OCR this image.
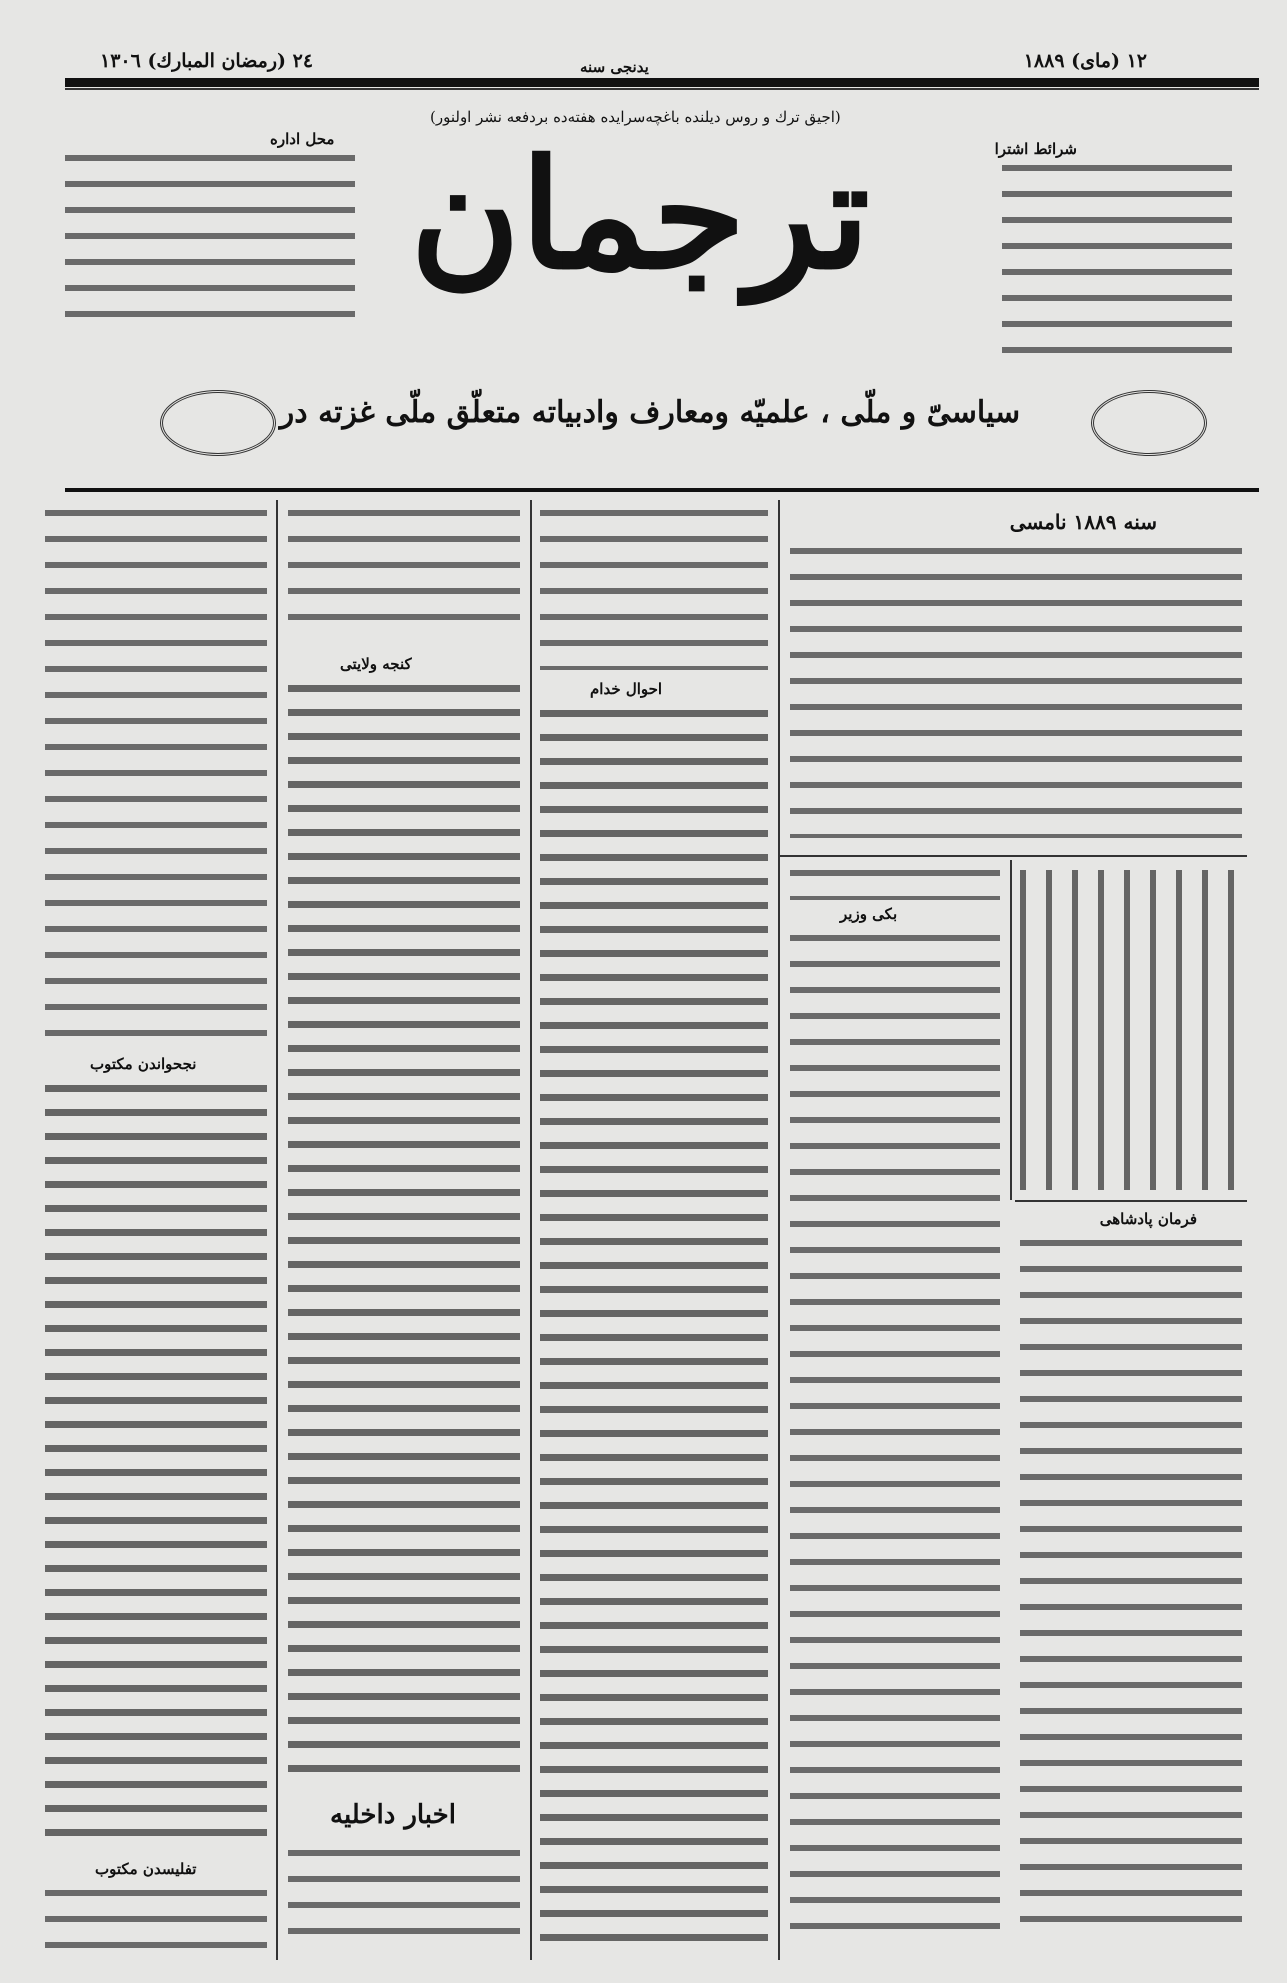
١٢ (مای) ١٨٨٩
يدنجی سنه
٢٤ (رمضان المبارك) ١٣٠٦
(اجيق ترك و روس دیلنده باغچه‌سرایده هفته‌ده بردفعه نشر اولنور)
ترجمان	شرائط اشترا
محل اداره
سیاسیّ و ملّی ، علمیّه ومعارف وادبیاته متعلّق ملّی غزته در
سنه ١٨٨٩ نامسی
فرمان پادشاهی
بکی وزیر
احوال خدام
کنجه ولایتی
اخبار داخلیه
نجحواندن مکتوب
تفلیسدن مکتوب
